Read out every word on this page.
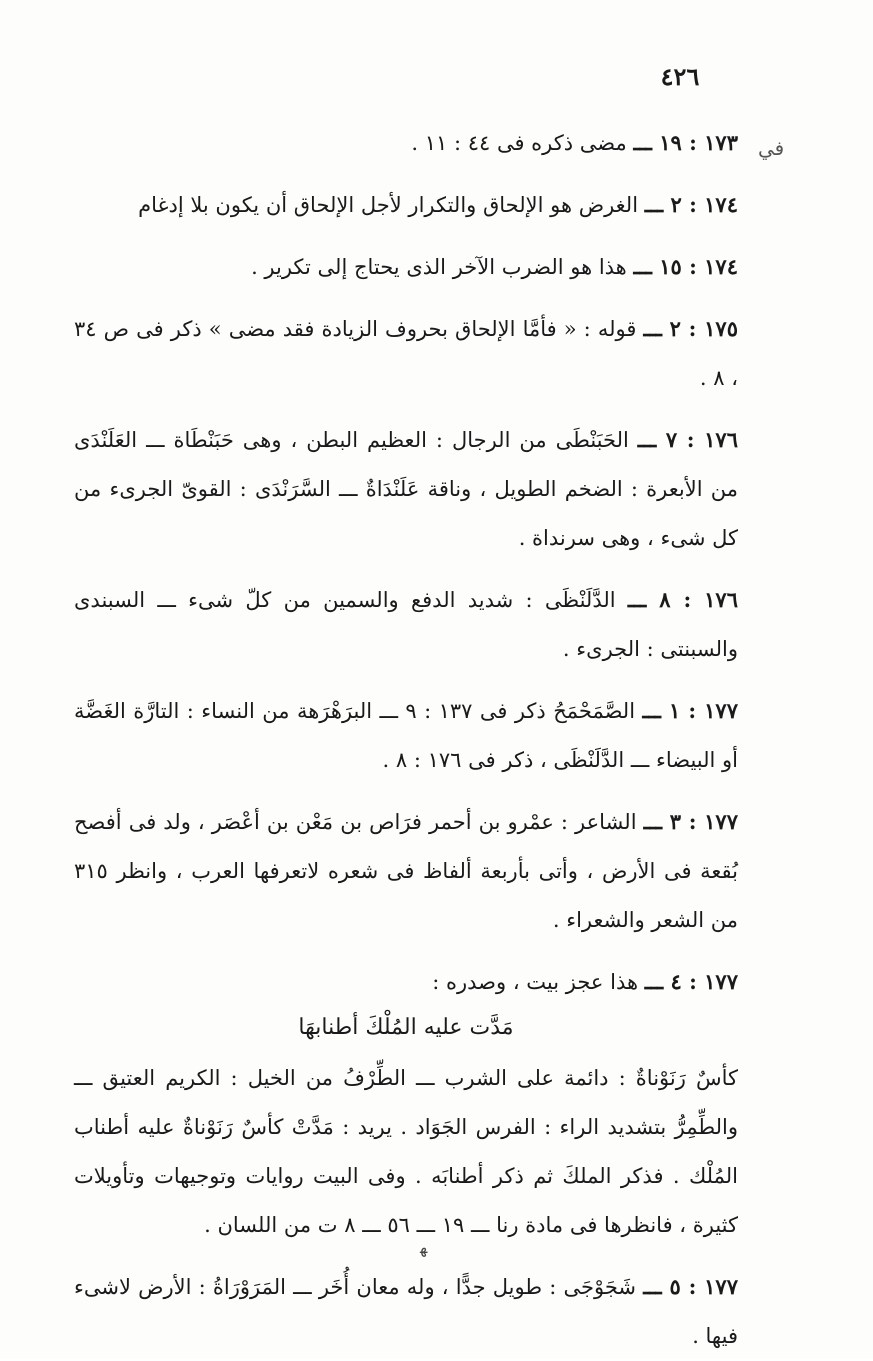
٤٢٦
ﻓﻲ

١٧٣ : ١٩ ـــ مضى ذكره فى ٤٤ : ١١ .

١٧٤ : ٢ ـــ الغرض هو الإلحاق والتكرار لأجل الإلحاق أن يكون بلا إدغام

١٧٤ : ١٥ ـــ هذا هو الضرب الآخر الذى يحتاج إلى تكرير .

١٧٥ : ٢ ـــ قوله : « فأمَّا الإلحاق بحروف الزيادة فقد مضى » ذكر فى ص ٣٤ ، ٨ .

١٧٦ : ٧ ـــ الحَبَنْطَى من الرجال : العظيم البطن ، وهى حَبَنْطَاة ـــ العَلَنْدَى من الأبعرة : الضخم الطويل ، وناقة عَلَنْدَاةٌ ـــ السَّرَنْدَى : القوىّ الجرىء من كل شىء ، وهى سرنداة .

١٧٦ : ٨ ـــ الدَّلَنْظَى : شديد الدفع والسمين من كلّ شىء ـــ السبندى والسبنتى : الجرىء .

١٧٧ : ١ ـــ الصَّمَحْمَحُ ذكر فى ١٣٧ : ٩ ـــ البرَهْرَهة من النساء : التارَّة الغَضَّة أو البيضاء ـــ الدَّلَنْظَى ، ذكر فى ١٧٦ : ٨ .

١٧٧ : ٣ ـــ الشاعر : عمْرو بن أحمر فرَاص بن مَعْن بن أعْصَر ، ولد فى أفصح بُقعة فى الأرض ، وأتى بأربعة ألفاظ فى شعره لاتعرفها العرب ، وانظر ٣١٥ من الشعر والشعراء .

١٧٧ : ٤ ـــ هذا عجز بيت ، وصدره :

مَدَّت عليه المُلْكَ أطنابهَا

كأسٌ رَنَوْناةٌ : دائمة على الشرب ـــ الطِّرْفُ من الخيل : الكريم العتيق ـــ والطِّمِرُّ بتشديد الراء : الفرس الجَوَاد . يريد : مَدَّتْ كأسٌ رَنَوْناةٌ عليه أطناب المُلْك . فذكر الملكَ ثم ذكر أطنابَه . وفى البيت روايات وتوجيهات وتأويلات كثيرة ، فانظرها فى مادة رنا ـــ ١٩ ـــ ٥٦ ـــ ٨ ت من اللسان .

١٧٧ : ٥ ـــ شَجَوْجَى : طويل جدًّا ، وله معان أُخَر ـــ المَرَوْرَاةُ : الأرض لاشىء فيها .

ﻬ
